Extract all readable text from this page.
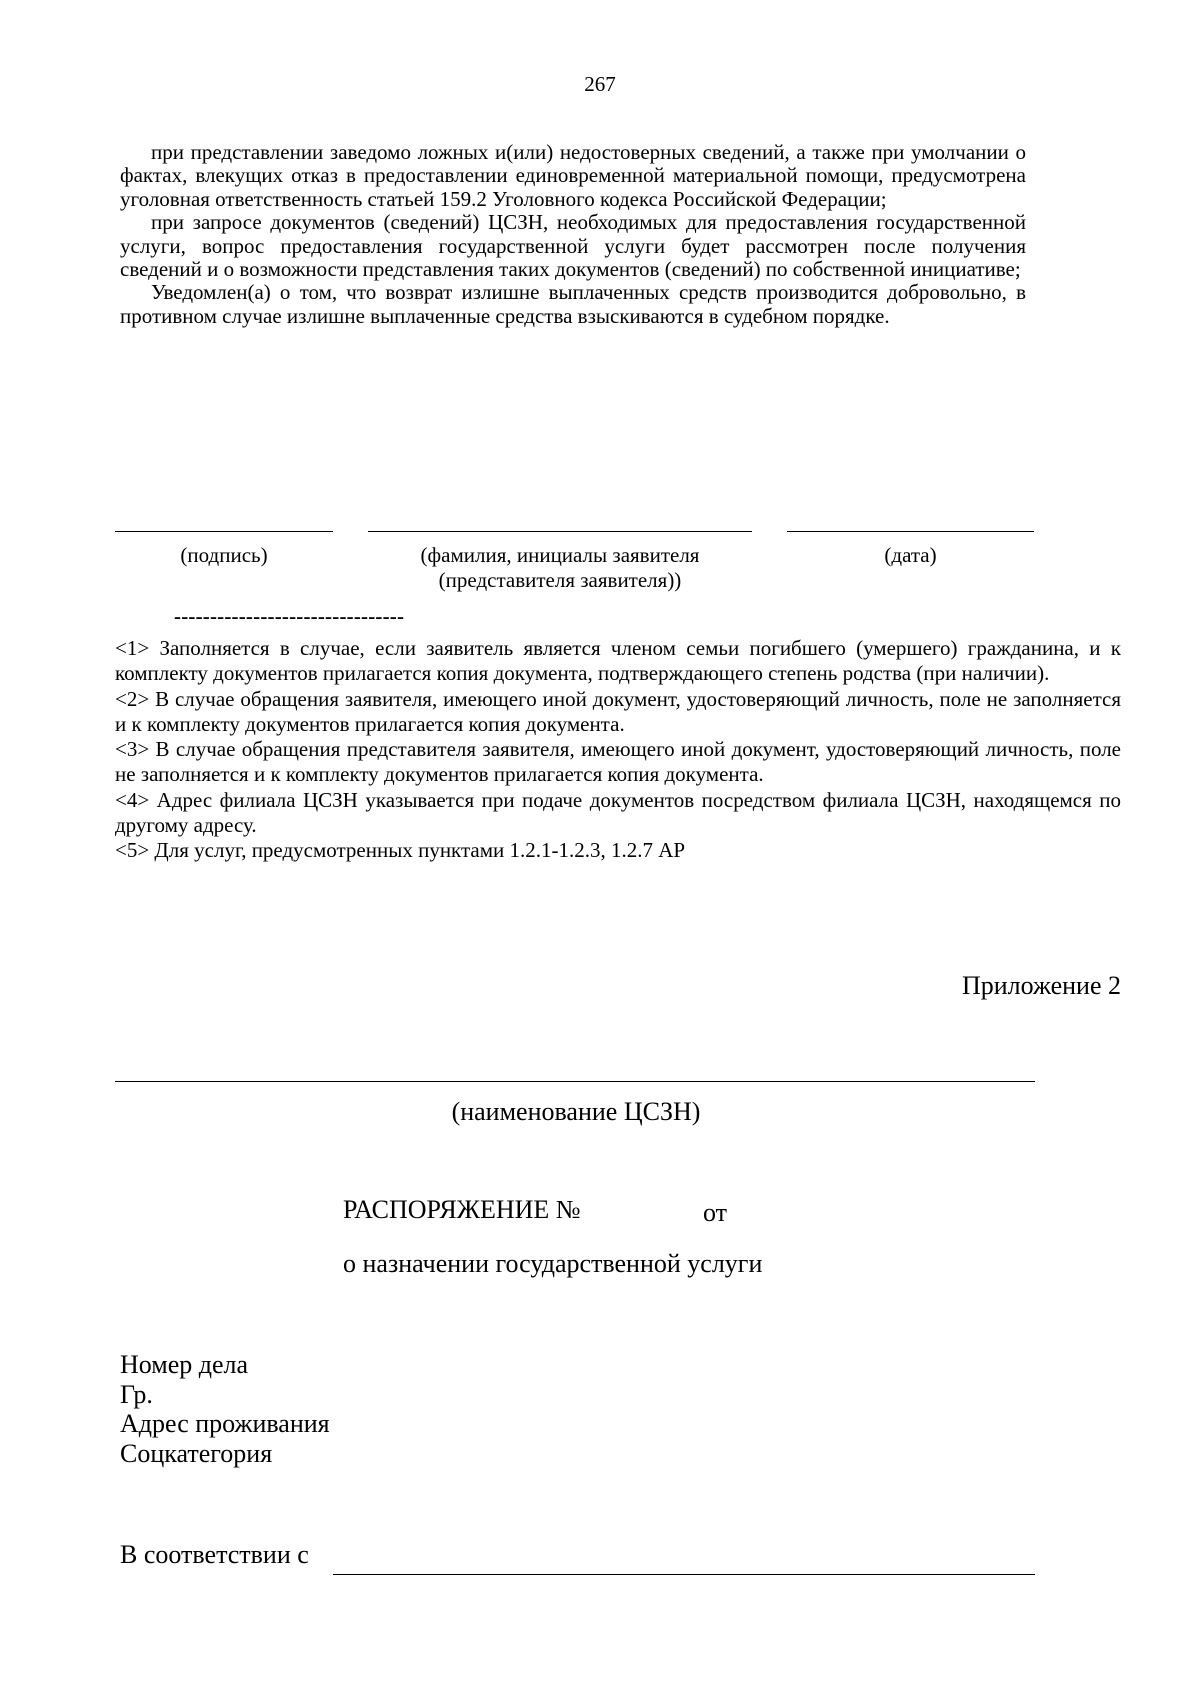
267

при представлении заведомо ложных и(или) недостоверных сведений, а также при умолчании о фактах, влекущих отказ в предоставлении единовременной материальной помощи, предусмотрена уголовная ответственность статьей 159.2 Уголовного кодекса Российской Федерации;

при запросе документов (сведений) ЦСЗН, необходимых для предоставления государственной услуги, вопрос предоставления государственной услуги будет рассмотрен после получения сведений и о возможности представления таких документов (сведений) по собственной инициативе;

Уведомлен(а) о том, что возврат излишне выплаченных средств производится добровольно, в противном случае излишне выплаченные средства взыскиваются в судебном порядке.

(подпись)	(фамилия, инициалы заявителя
(представителя заявителя))
(дата)
--------------------------------

<1> Заполняется в случае, если заявитель является членом семьи погибшего (умершего) гражданина, и к комплекту документов прилагается копия документа, подтверждающего степень родства (при наличии).

<2> В случае обращения заявителя, имеющего иной документ, удостоверяющий личность, поле не заполняется и к комплекту документов прилагается копия документа.

<3> В случае обращения представителя заявителя, имеющего иной документ, удостоверяющий личность, поле не заполняется и к комплекту документов прилагается копия документа.

<4> Адрес филиала ЦСЗН указывается при подаче документов посредством филиала ЦСЗН, находящемся по другому адресу.

<5> Для услуг, предусмотренных пунктами 1.2.1-1.2.3, 1.2.7 АР

Приложение 2
(наименование ЦСЗН)
РАСПОРЯЖЕНИЕ №	от
о назначении государственной услуги

Номер дела

Гр.

Адрес проживания

Соцкатегория

В соответствии с
